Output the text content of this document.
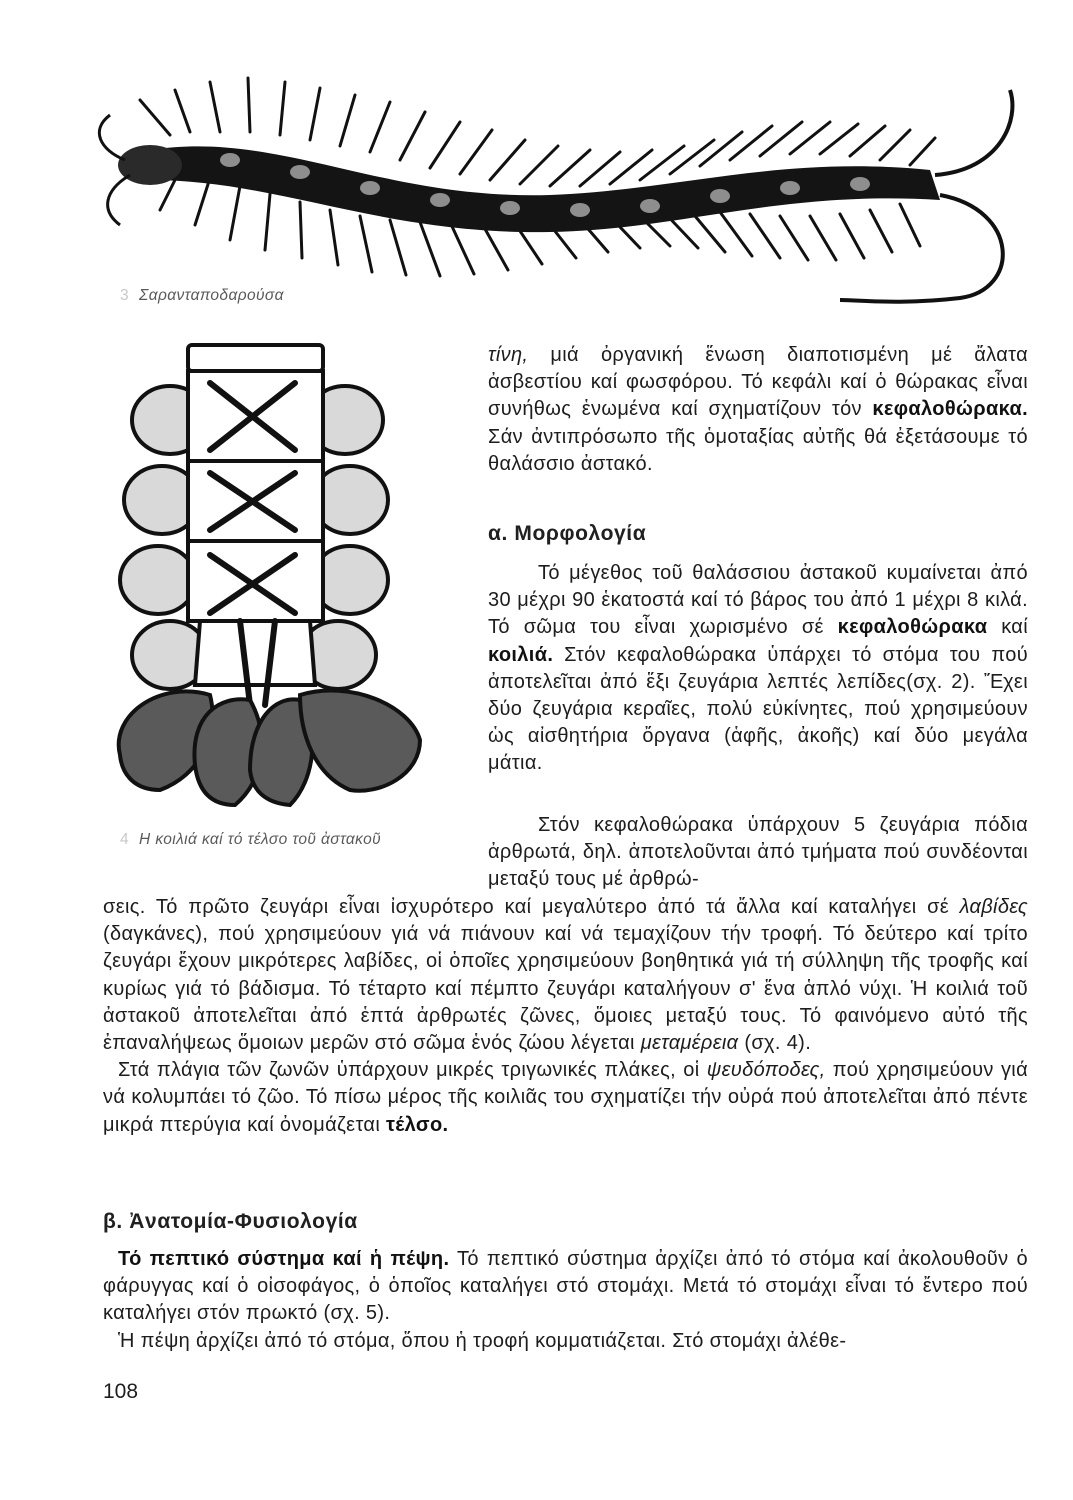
3 Σαρανταποδαρούσα
4 Η κοιλιά καί τό τέλσο τοῦ ἀστακοῦ

τίνη, μιά ὀργανική ἕνωση διαποτισμένη μέ ἄλατα ἀσβεστίου καί φωσφόρου. Τό κεφάλι καί ὁ θώρακας εἶναι συνήθως ἑνωμένα καί σχηματίζουν τόν κεφαλοθώρακα. Σάν ἀντιπρόσωπο τῆς ὁμοταξίας αὐτῆς θά ἐξετάσουμε τό θαλάσσιο ἀστακό.

α. Μορφολογία

Τό μέγεθος τοῦ θαλάσσιου ἀστακοῦ κυμαίνεται ἀπό 30 μέχρι 90 ἑκατοστά καί τό βάρος του ἀπό 1 μέχρι 8 κιλά. Τό σῶμα του εἶναι χωρισμένο σέ κεφαλοθώρακα καί κοιλιά. Στόν κεφαλοθώρακα ὑπάρχει τό στόμα του πού ἀποτελεῖται ἀπό ἕξι ζευγάρια λεπτές λεπίδες(σχ. 2). Ἔχει δύο ζευγάρια κεραῖες, πολύ εὐκίνητες, πού χρησιμεύουν ὡς αἰσθητήρια ὄργανα (ἁφῆς, ἀκοῆς) καί δύο μεγάλα μάτια.

Στόν κεφαλοθώρακα ὑπάρχουν 5 ζευγάρια πόδια ἀρθρωτά, δηλ. ἀποτελοῦνται ἀπό τμήματα πού συνδέονται μεταξύ τους μέ ἀρθρώ-

σεις. Τό πρῶτο ζευγάρι εἶναι ἰσχυρότερο καί μεγαλύτερο ἀπό τά ἄλλα καί καταλήγει σέ λαβίδες (δαγκάνες), πού χρησιμεύουν γιά νά πιάνουν καί νά τεμαχίζουν τήν τροφή. Τό δεύτερο καί τρίτο ζευγάρι ἔχουν μικρότερες λαβίδες, οἱ ὁποῖες χρησιμεύουν βοηθητικά γιά τή σύλληψη τῆς τροφῆς καί κυρίως γιά τό βάδισμα. Τό τέταρτο καί πέμπτο ζευγάρι καταλήγουν σ' ἕνα ἁπλό νύχι. Ἡ κοιλιά τοῦ ἀστακοῦ ἀποτελεῖται ἀπό ἑπτά ἀρθρωτές ζῶνες, ὅμοιες μεταξύ τους. Τό φαινόμενο αὐτό τῆς ἐπαναλήψεως ὅμοιων μερῶν στό σῶμα ἑνός ζώου λέγεται μεταμέρεια (σχ. 4).

Στά πλάγια τῶν ζωνῶν ὑπάρχουν μικρές τριγωνικές πλάκες, οἱ ψευδόποδες, πού χρησιμεύουν γιά νά κολυμπάει τό ζῶο. Τό πίσω μέρος τῆς κοιλιᾶς του σχηματίζει τήν οὐρά πού ἀποτελεῖται ἀπό πέντε μικρά πτερύγια καί ὀνομάζεται τέλσο.

β. Ἀνατομία-Φυσιολογία

Τό πεπτικό σύστημα καί ἡ πέψη. Τό πεπτικό σύστημα ἀρχίζει ἀπό τό στόμα καί ἀκολουθοῦν ὁ φάρυγγας καί ὁ οἰσοφάγος, ὁ ὁποῖος καταλήγει στό στομάχι. Μετά τό στομάχι εἶναι τό ἔντερο πού καταλήγει στόν πρωκτό (σχ. 5).

Ἡ πέψη ἀρχίζει ἀπό τό στόμα, ὅπου ἡ τροφή κομματιάζεται. Στό στομάχι ἀλέθε-

108
